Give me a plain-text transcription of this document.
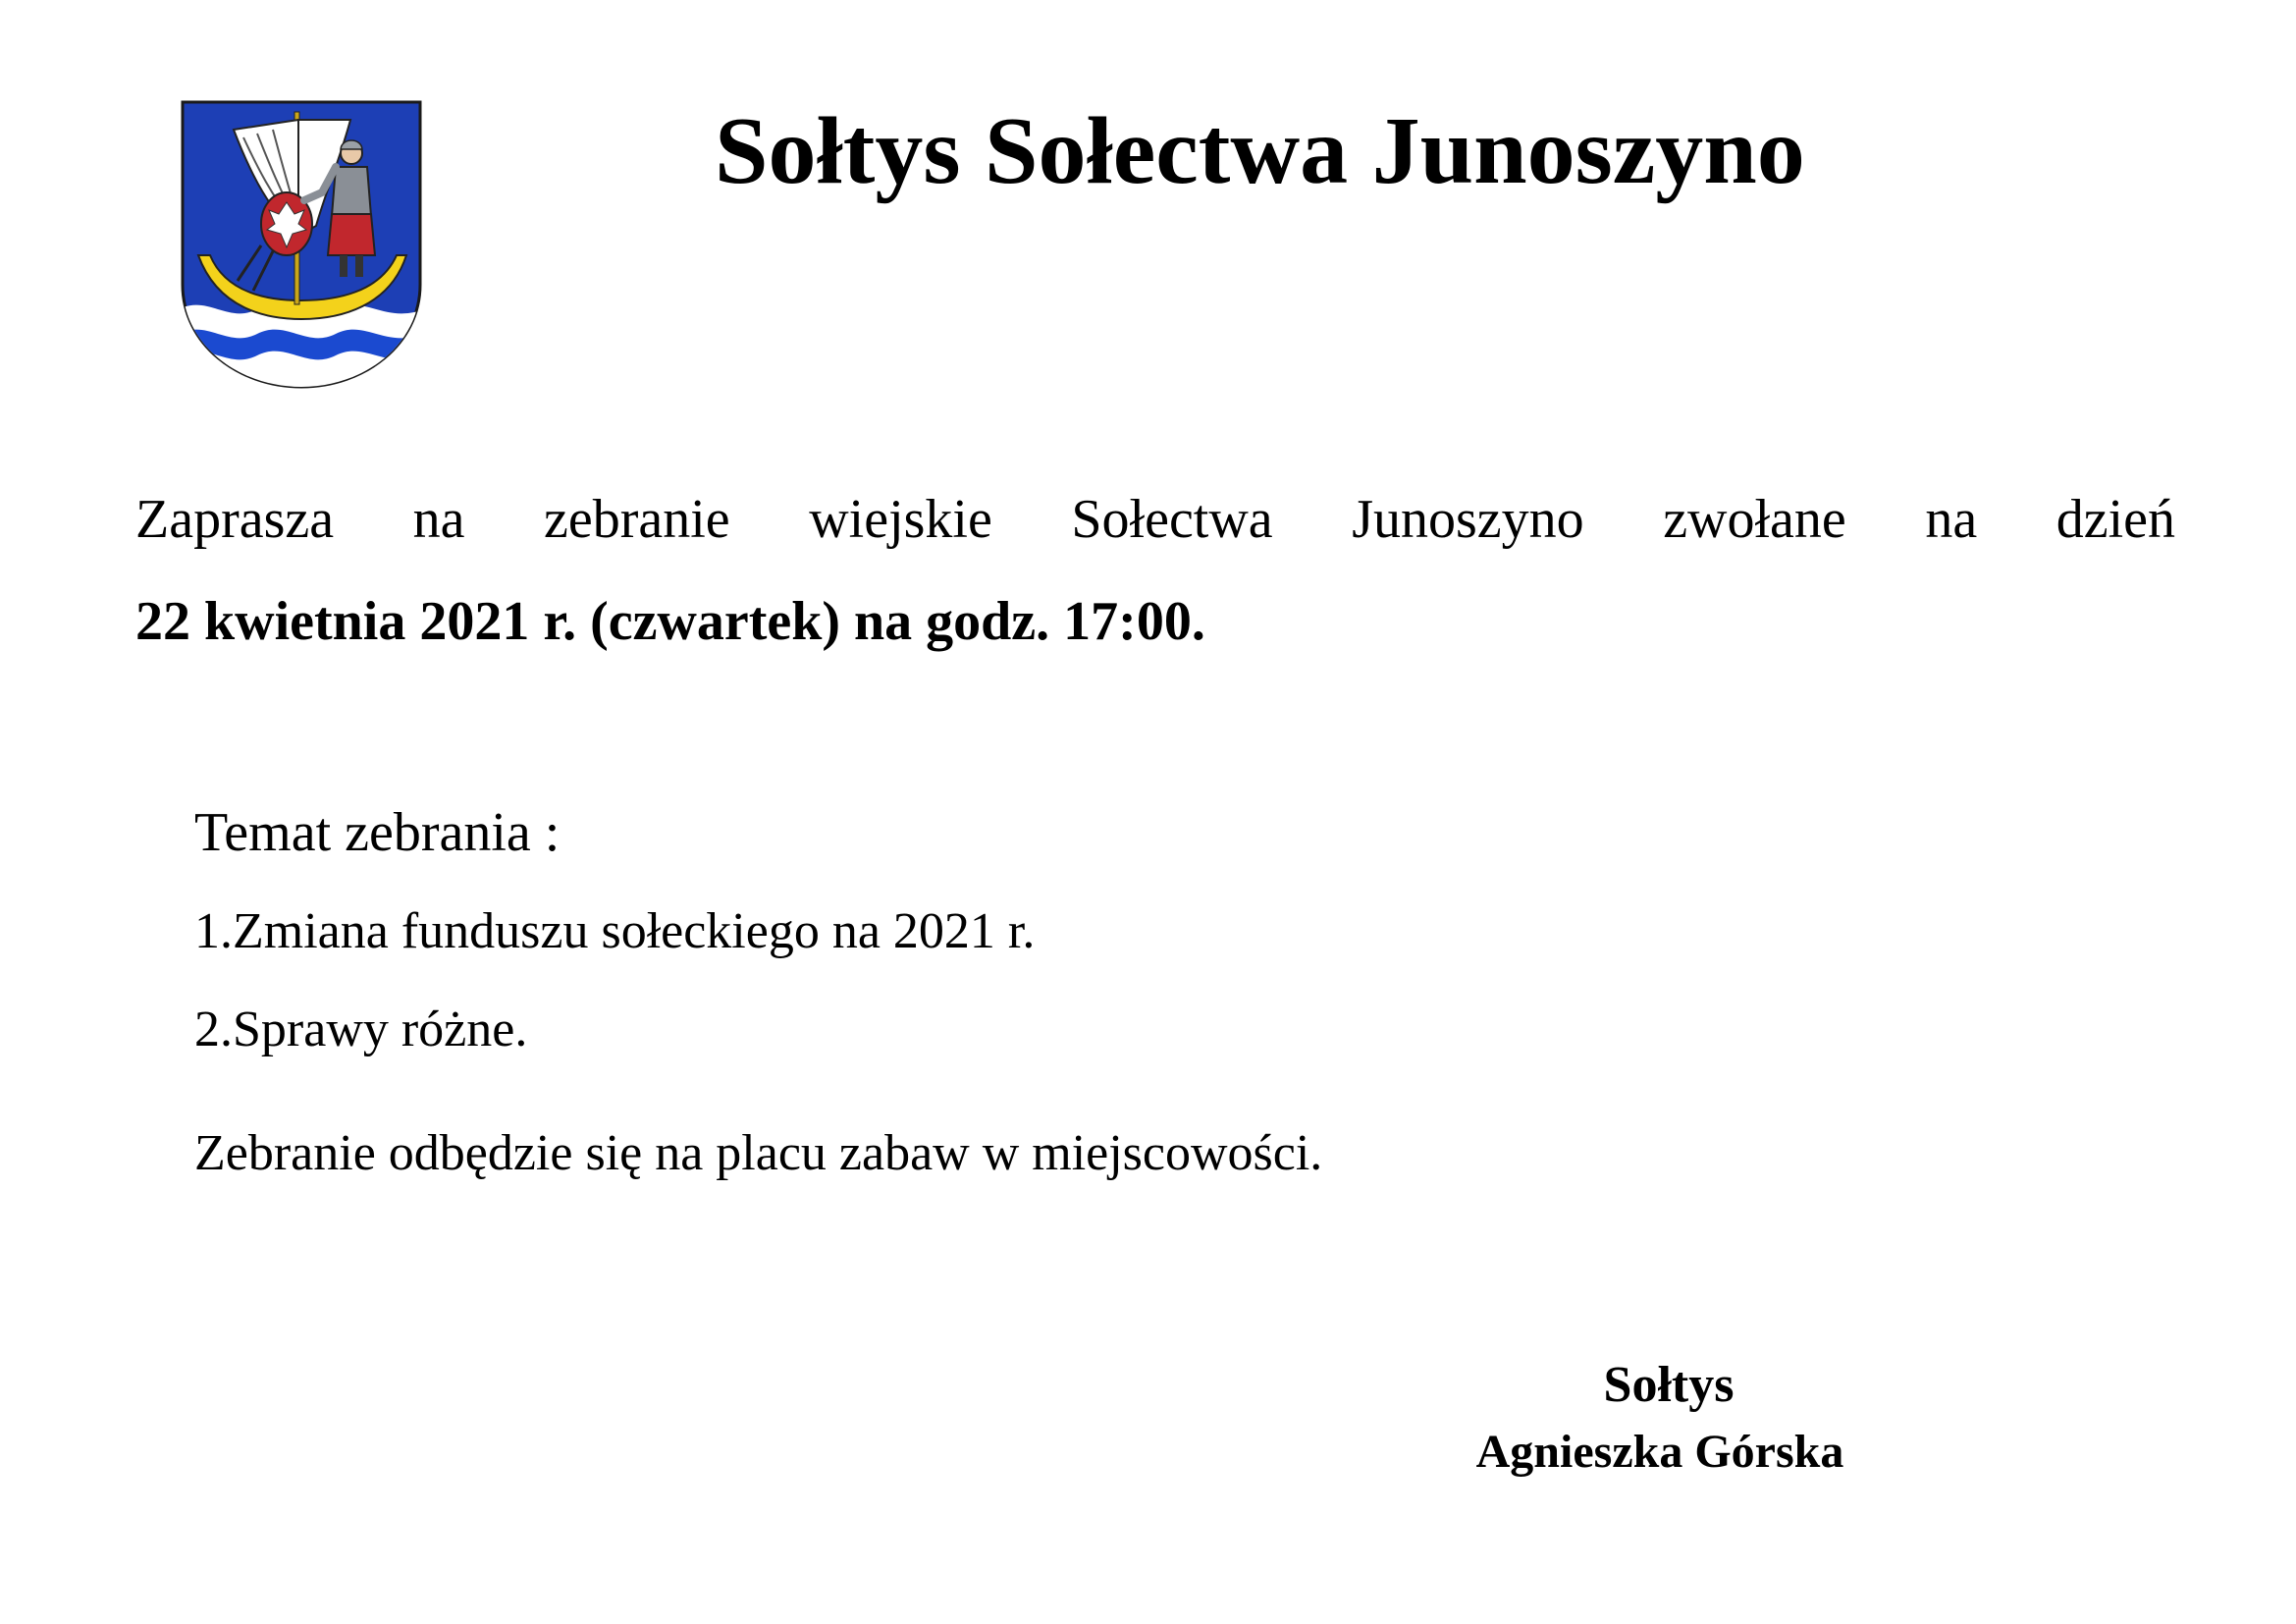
Sołtys Sołectwa Junoszyno

Zaprasza na zebranie wiejskie Sołectwa Junoszyno zwołane na dzień

22 kwietnia 2021 r. (czwartek) na godz. 17:00.

Temat zebrania :

1.Zmiana funduszu sołeckiego na 2021 r.

2.Sprawy różne.

Zebranie odbędzie się na placu zabaw w miejscowości.

Sołtys

Agnieszka Górska
